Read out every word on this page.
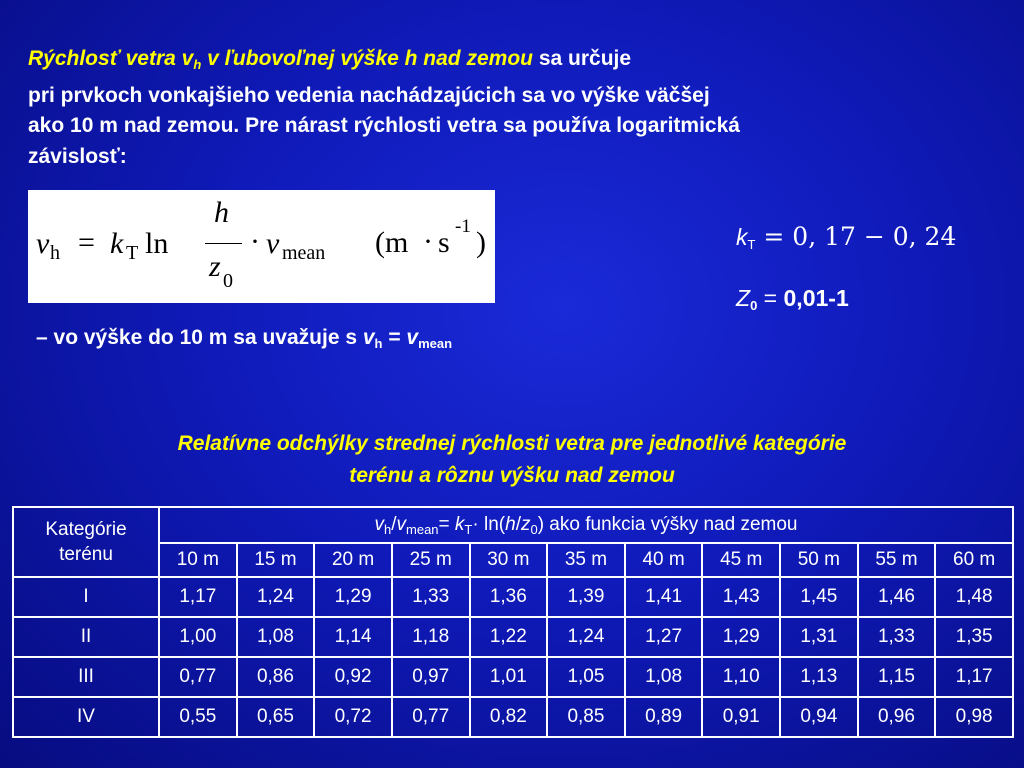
Rýchlosť vetra $v_h$ v ľubovoľnej výške h nad zemou sa určuje
pri prvkoch vonkajšieho vedenia nachádzajúcich sa vo výške väčšej
ako 10 m nad zemou. Pre nárast rýchlosti vetra sa používa logaritmická
závislosť:
v h = k T ln
h
z 0
· v mean (m · s -1 )	$k_T = 0$, 17 − 0, 24
$Z_0 = 0,01-1$
– vo výške do 10 m sa uvažuje s $v_h = v_{mean}$
Relatívne odchýlky strednej rýchlosti vetra pre jednotlivé kategórie
terénu a rôznu výšku nad zemou
Kategórie
terénu	$v_h/v_{mean}= k_T\cdot \ln(h/z_0)$ ako funkcia výšky nad zemou										
	10 m	15 m	20 m	25 m	30 m	35 m	40 m	45 m	50 m	55 m	60 m
I	1,17	1,24	1,29	1,33	1,36	1,39	1,41	1,43	1,45	1,46	1,48
II	1,00	1,08	1,14	1,18	1,22	1,24	1,27	1,29	1,31	1,33	1,35
III	0,77	0,86	0,92	0,97	1,01	1,05	1,08	1,10	1,13	1,15	1,17
IV	0,55	0,65	0,72	0,77	0,82	0,85	0,89	0,91	0,94	0,96	0,98
